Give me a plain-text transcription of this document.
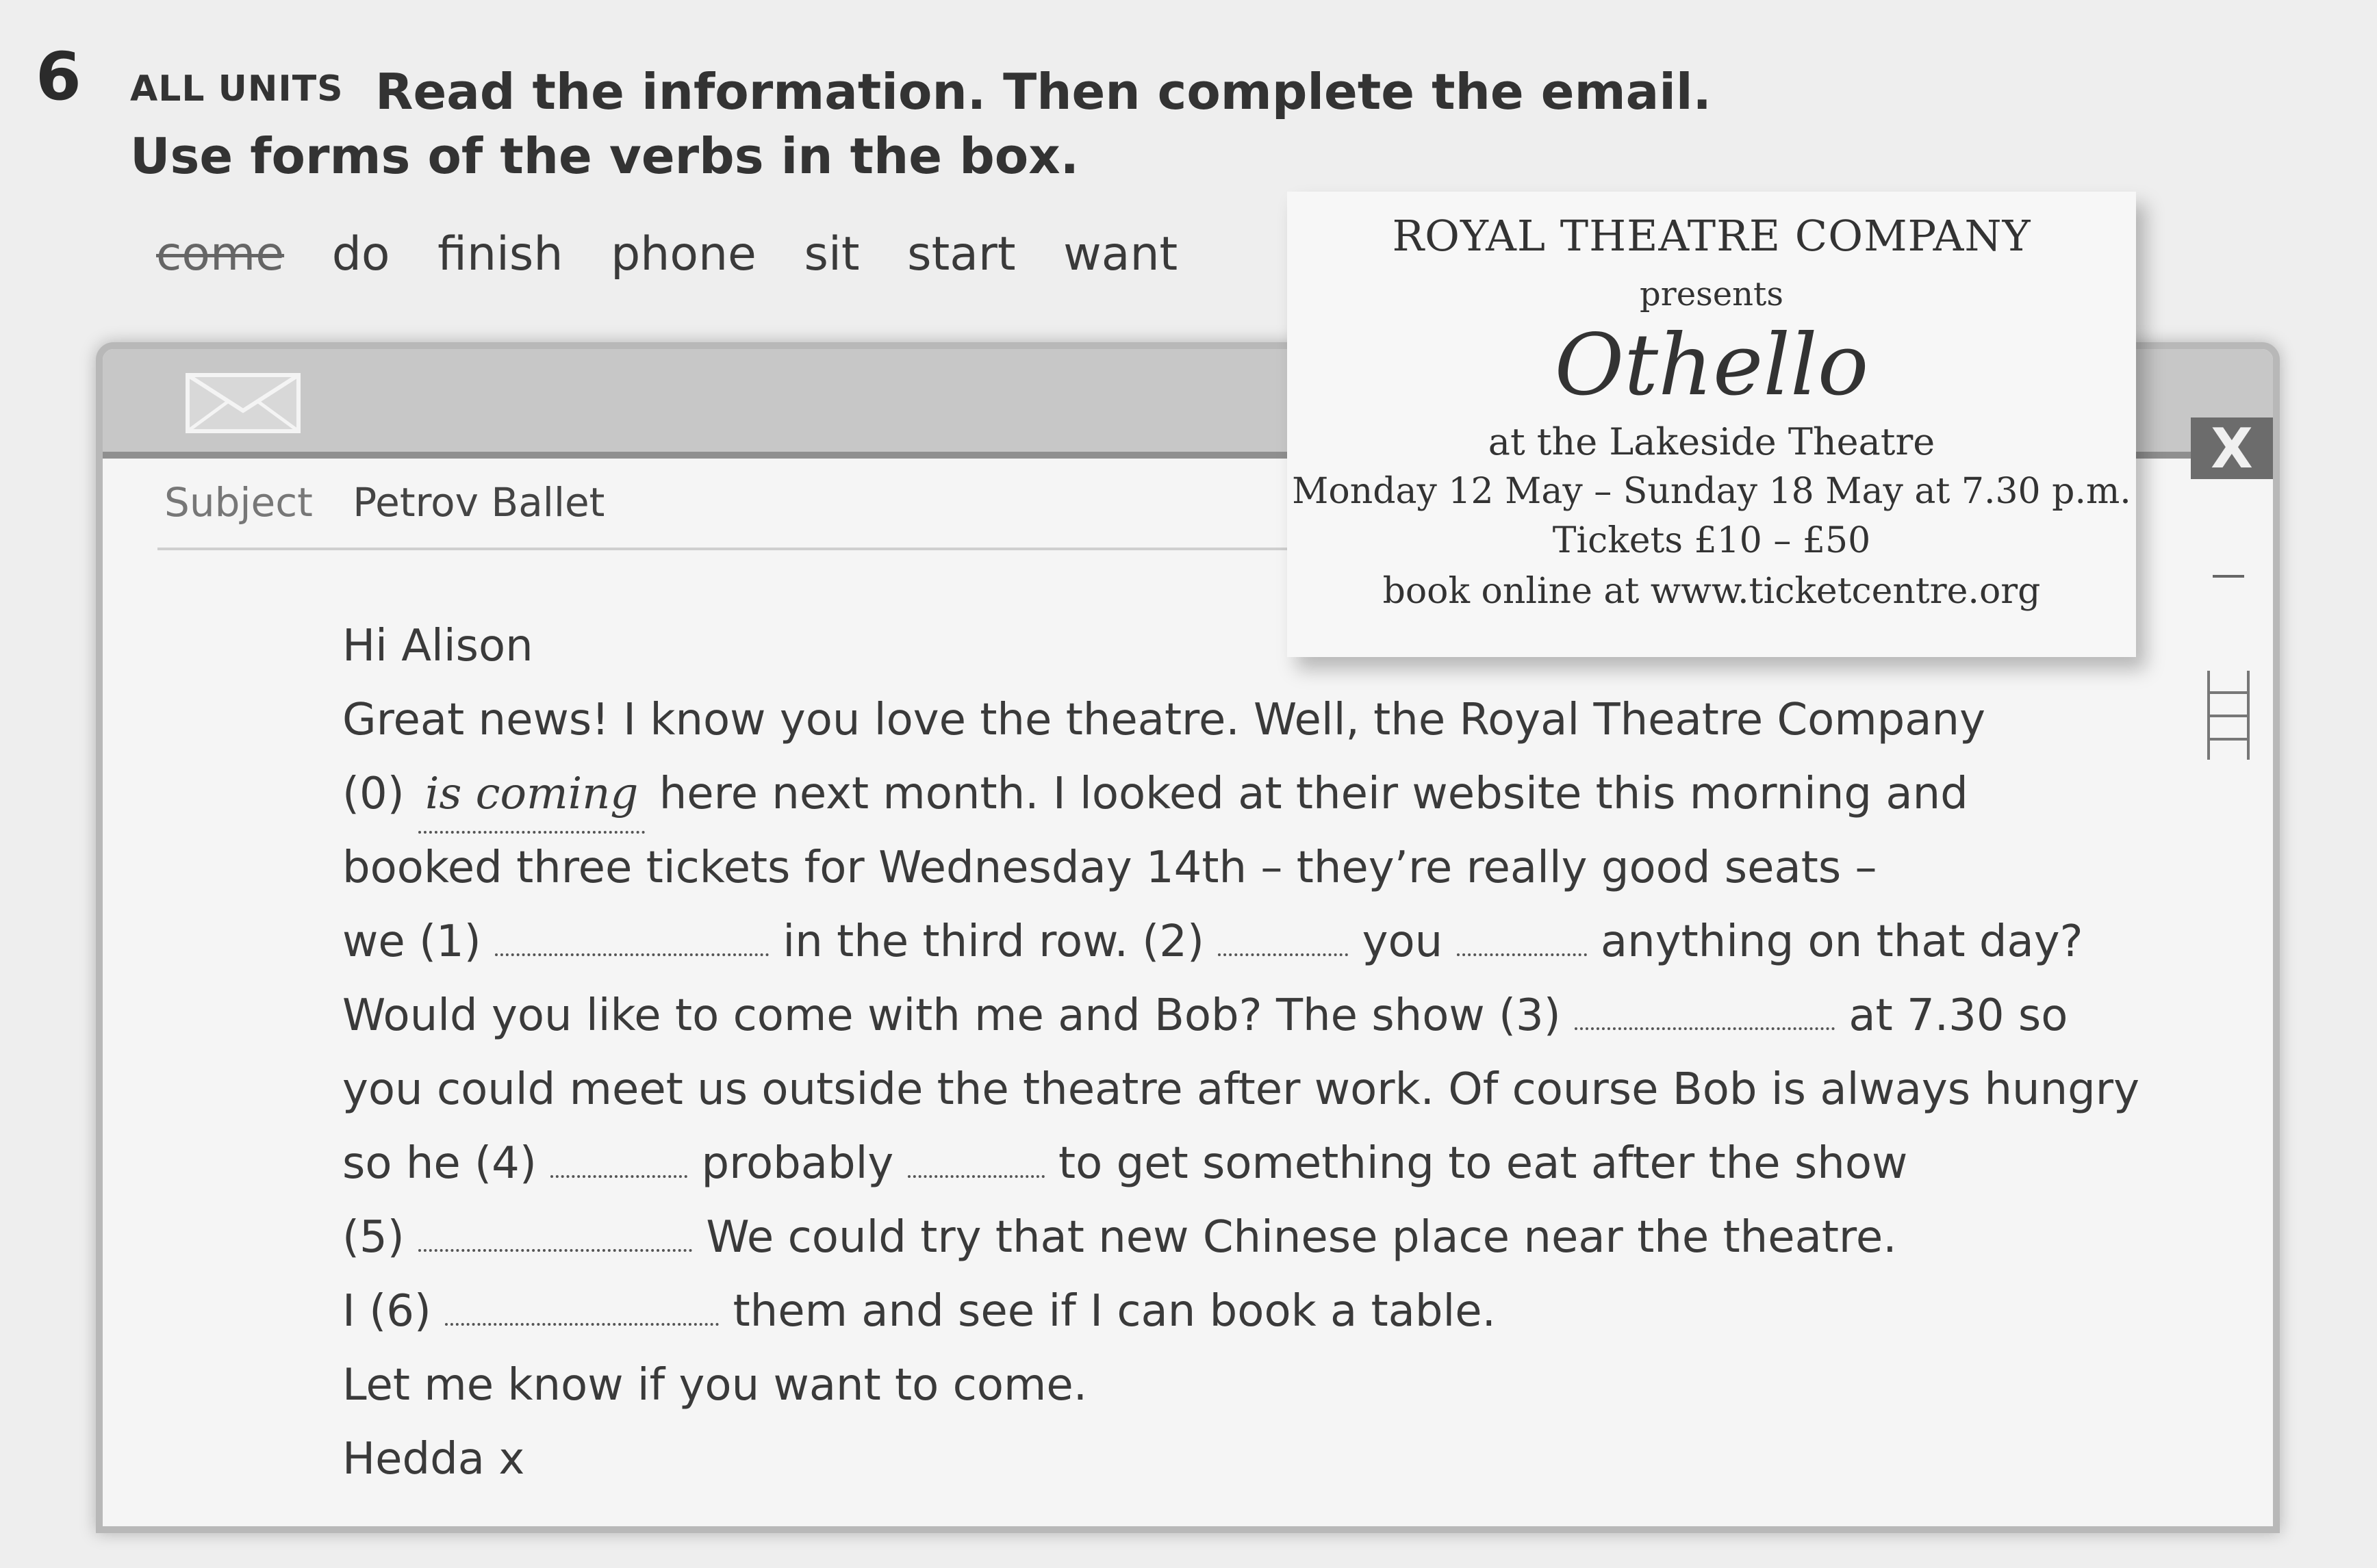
6 ALL UNITS Read the information. Then complete the email.
Use forms of the verbs in the box.
come do finish phone sit start want
X
Subject Petrov Ballet

Hi Alison

Great news! I know you love the theatre. Well, the Royal Theatre Company

(0) is coming here next month. I looked at their website this morning and

booked three tickets for Wednesday 14th – they’re really good seats –

we (1)	in the third row. (2)	you	anything on that day?

Would you like to come with me and Bob? The show (3)	at 7.30 so

you could meet us outside the theatre after work. Of course Bob is always hungry

so he (4)	probably	to get something to eat after the show

(5)	We could try that new Chinese place near the theatre.

I (6)	them and see if I can book a table.

Let me know if you want to come.

Hedda x

ROYAL THEATRE COMPANY
presents
Othello
at the Lakeside Theatre
Monday 12 May – Sunday 18 May at 7.30 p.m.
Tickets £10 – £50
book online at www.ticketcentre.org
